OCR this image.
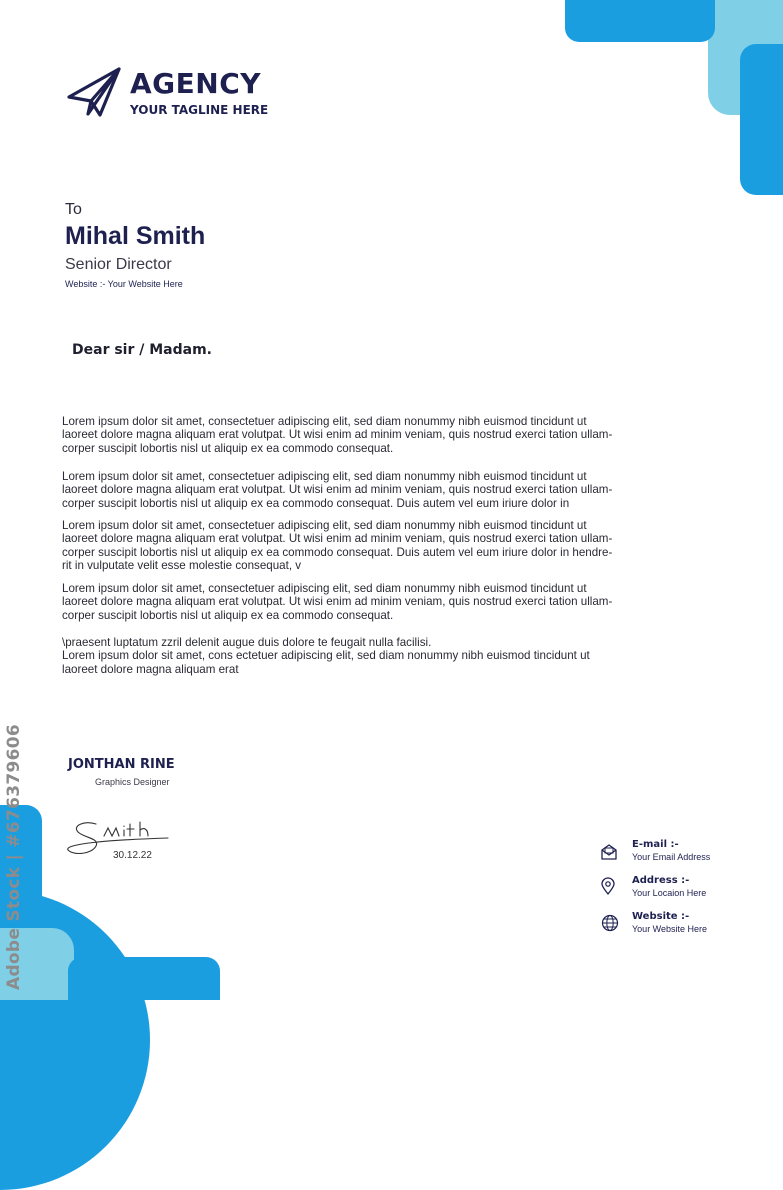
Adobe Stock | #676379606
AGENCY
YOUR TAGLINE HERE
To
Mihal Smith
Senior Director
Website :- Your Website Here
Dear sir / Madam.

Lorem ipsum dolor sit amet, consectetuer adipiscing elit, sed diam nonummy nibh euismod tincidunt ut
laoreet dolore magna aliquam erat volutpat. Ut wisi enim ad minim veniam, quis nostrud exerci tation ullam-
corper suscipit lobortis nisl ut aliquip ex ea commodo consequat.

Lorem ipsum dolor sit amet, consectetuer adipiscing elit, sed diam nonummy nibh euismod tincidunt ut
laoreet dolore magna aliquam erat volutpat. Ut wisi enim ad minim veniam, quis nostrud exerci tation ullam-
corper suscipit lobortis nisl ut aliquip ex ea commodo consequat. Duis autem vel eum iriure dolor in

Lorem ipsum dolor sit amet, consectetuer adipiscing elit, sed diam nonummy nibh euismod tincidunt ut
laoreet dolore magna aliquam erat volutpat. Ut wisi enim ad minim veniam, quis nostrud exerci tation ullam-
corper suscipit lobortis nisl ut aliquip ex ea commodo consequat. Duis autem vel eum iriure dolor in hendre-
rit in vulputate velit esse molestie consequat, v

Lorem ipsum dolor sit amet, consectetuer adipiscing elit, sed diam nonummy nibh euismod tincidunt ut
laoreet dolore magna aliquam erat volutpat. Ut wisi enim ad minim veniam, quis nostrud exerci tation ullam-
corper suscipit lobortis nisl ut aliquip ex ea commodo consequat.

\praesent luptatum zzril delenit augue duis dolore te feugait nulla facilisi.
Lorem ipsum dolor sit amet, cons ectetuer adipiscing elit, sed diam nonummy nibh euismod tincidunt ut
laoreet dolore magna aliquam erat

JONTHAN RINE
Graphics Designer
30.12.22
E-mail :-
Your Email Address
Address :-
Your Locaion Here
Website :-
Your Website Here
